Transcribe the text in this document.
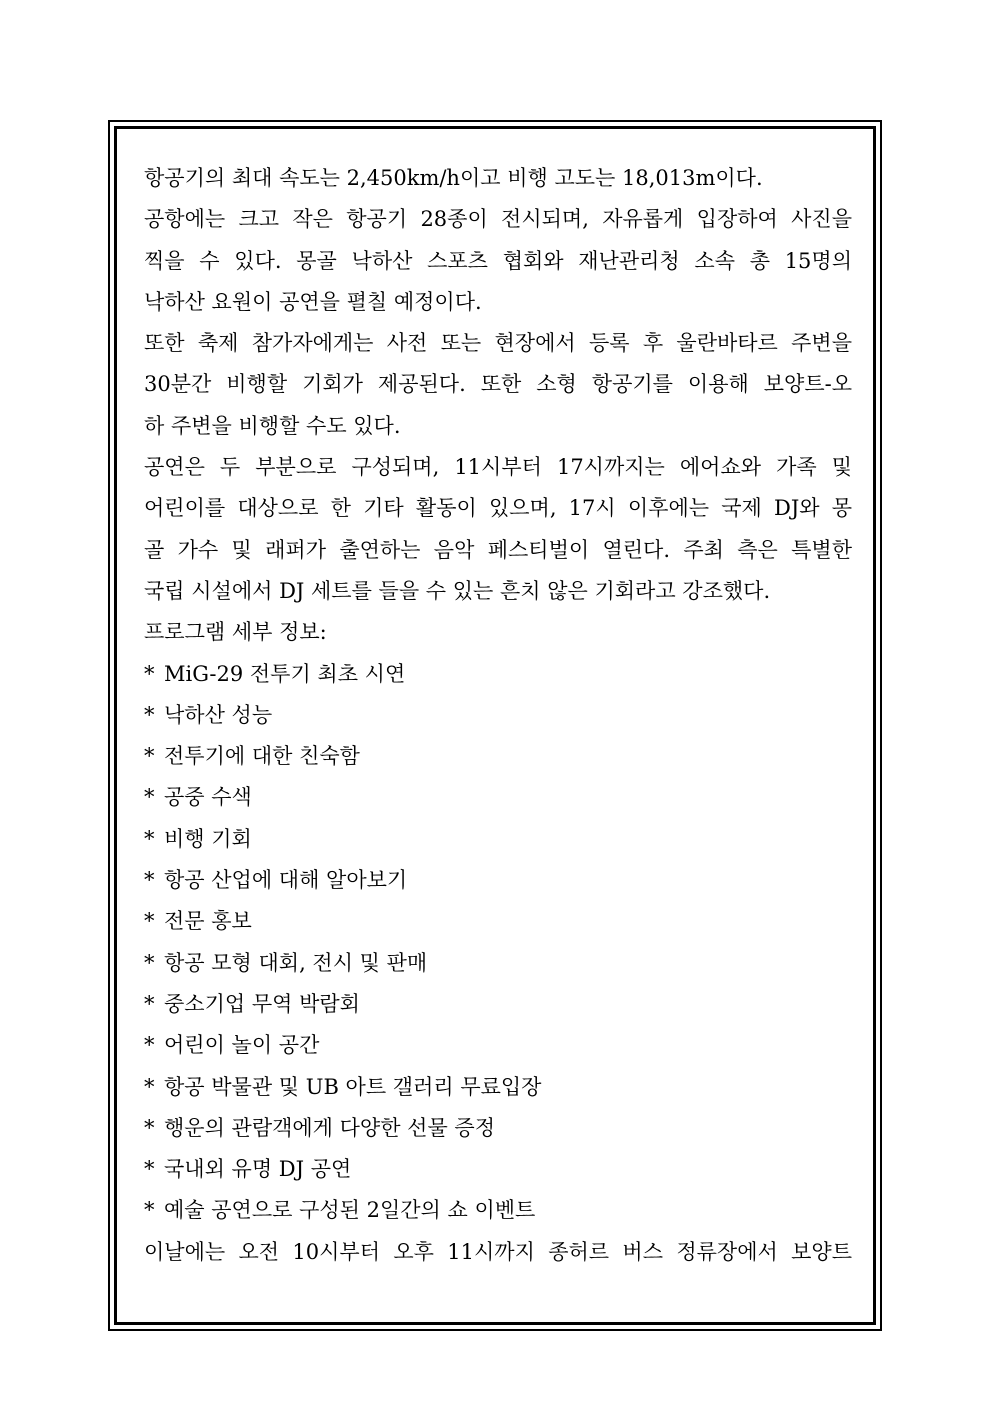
항공기의 최대 속도는 2,450km/h이고 비행 고도는 18,013m이다.
공항에는 크고 작은 항공기 28종이 전시되며, 자유롭게 입장하여 사진을
찍을 수 있다. 몽골 낙하산 스포츠 협회와 재난관리청 소속 총 15명의
낙하산 요원이 공연을 펼칠 예정이다.
또한 축제 참가자에게는 사전 또는 현장에서 등록 후 울란바타르 주변을
30분간 비행할 기회가 제공된다. 또한 소형 항공기를 이용해 보양트-오
하 주변을 비행할 수도 있다.
공연은 두 부분으로 구성되며, 11시부터 17시까지는 에어쇼와 가족 및
어린이를 대상으로 한 기타 활동이 있으며, 17시 이후에는 국제 DJ와 몽
골 가수 및 래퍼가 출연하는 음악 페스티벌이 열린다. 주최 측은 특별한
국립 시설에서 DJ 세트를 들을 수 있는 흔치 않은 기회라고 강조했다.
프로그램 세부 정보:
* MiG-29 전투기 최초 시연
* 낙하산 성능
* 전투기에 대한 친숙함
* 공중 수색
* 비행 기회
* 항공 산업에 대해 알아보기
* 전문 홍보
* 항공 모형 대회, 전시 및 판매
* 중소기업 무역 박람회
* 어린이 놀이 공간
* 항공 박물관 및 UB 아트 갤러리 무료입장
* 행운의 관람객에게 다양한 선물 증정
* 국내외 유명 DJ 공연
* 예술 공연으로 구성된 2일간의 쇼 이벤트
이날에는 오전 10시부터 오후 11시까지 종허르 버스 정류장에서 보양트
